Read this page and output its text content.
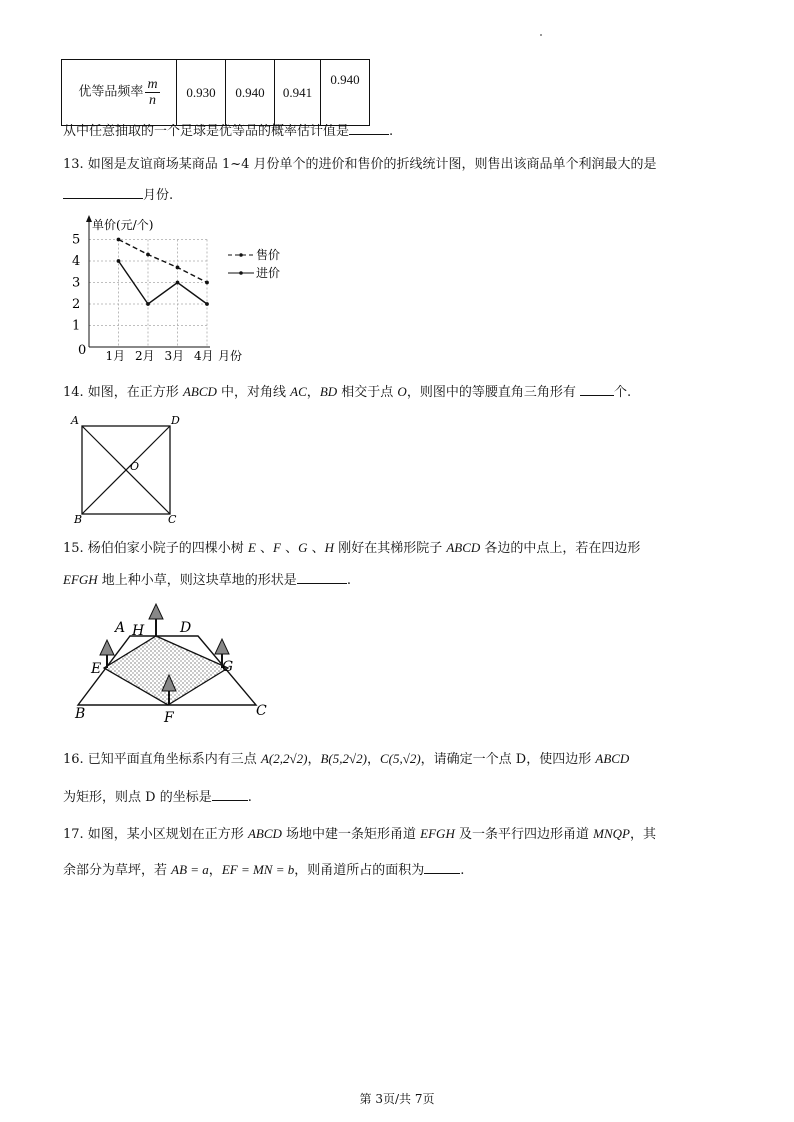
优等品频率 $\frac{m}{n}$	0.930	0.940	0.941	0.940
从中任意抽取的一个足球是优等品的概率估计值是	.
13. 如图是友谊商场某商品 1~4 月份单个的进价和售价的折线统计图，则售出该商品单个利润最大的是
月份.
单价(元/个)
月份
5
4
3
2
1
0 1月 2月 3月 4月
售价
进价
14. 如图，在正方形 ABCD 中，对角线 AC，BD 相交于点 O，则图中的等腰直角三角形有	个.
A	D
B	C
O
15. 杨伯伯家小院子的四棵小树 E 、F 、G 、H 刚好在其梯形院子 ABCD 各边的中点上，若在四边形
EFGH 地上种小草，则这块草地的形状是	.
A H	D
E	G
B	F	C
16. 已知平面直角坐标系内有三点 A(2,2√2)，B(5,2√2)，C(5,√2)，请确定一个点 D，使四边形 ABCD
为矩形，则点 D 的坐标是	.
17. 如图，某小区规划在正方形 ABCD 场地中建一条矩形甬道 EFGH 及一条平行四边形甬道 MNQP，其
余部分为草坪，若 AB = a，EF = MN = b，则甬道所占的面积为	.
第 3页/共 7页
